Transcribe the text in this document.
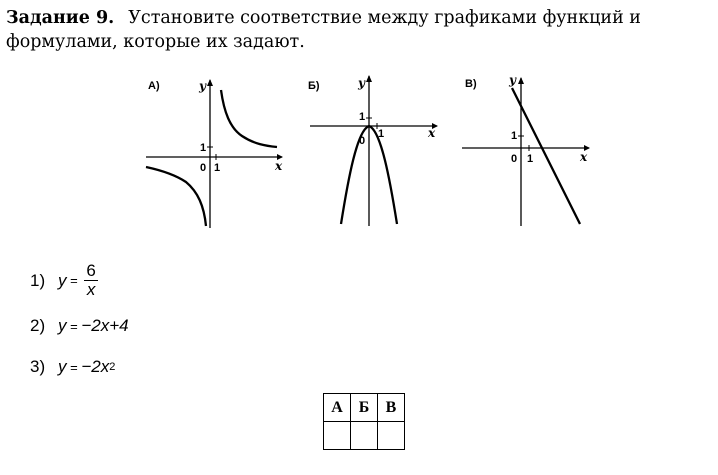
Задание 9. Установите соответствие между графиками функций и формулами, которые их задают.
А)
x
y
0 1
1
Б)
x
y
0
1
1
В)
x
y
0 1
1
1) $y = \frac{6}{x}$
2) y = −2x+4
3) y = −2x 2
А	Б	В
